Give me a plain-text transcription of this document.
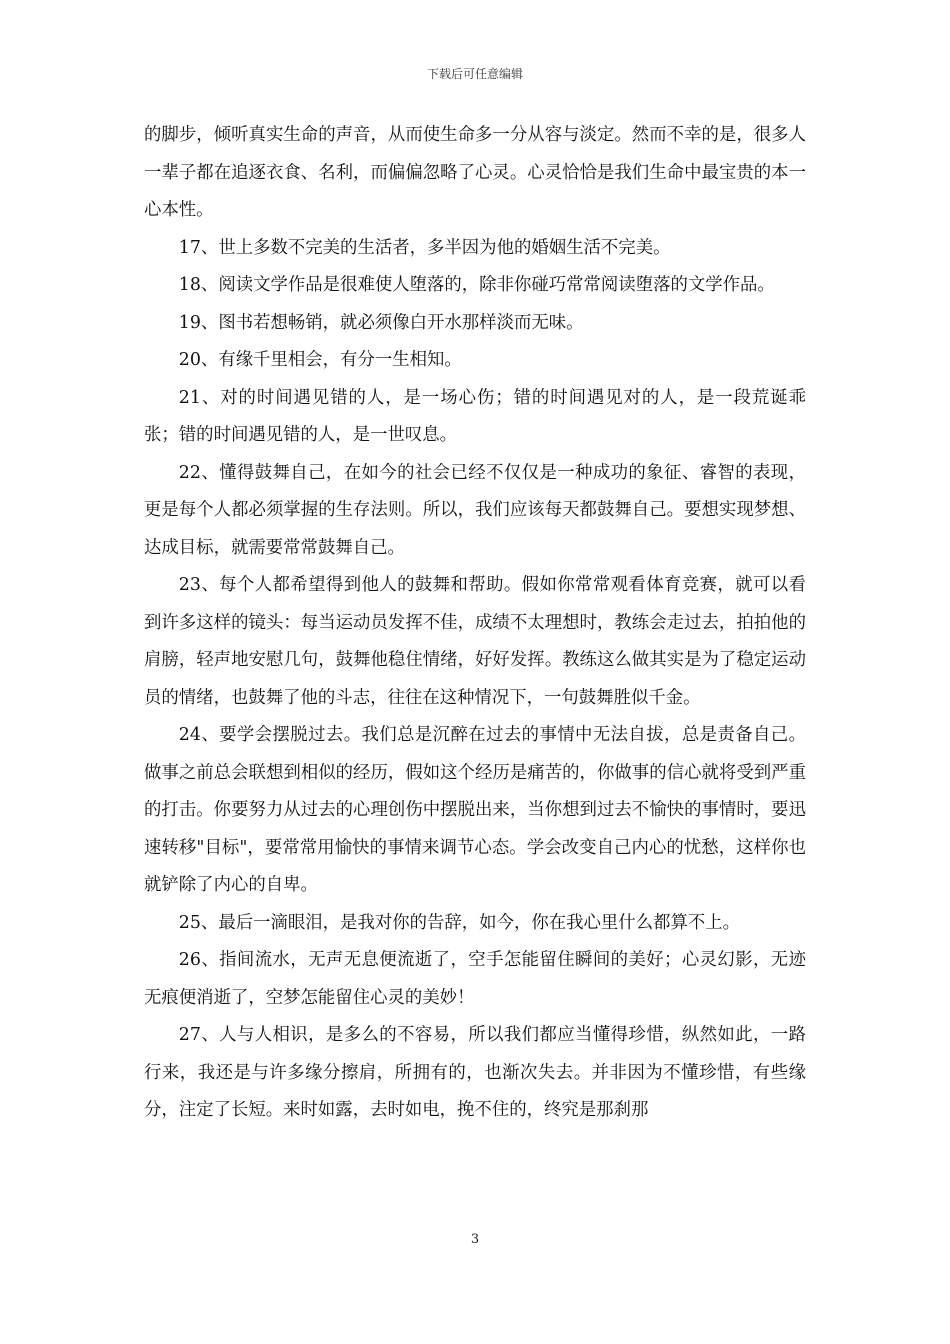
下载后可任意编辑

的脚步，倾听真实生命的声音，从而使生命多一分从容与淡定。然而不幸的是，很多人一辈子都在追逐衣食、名利，而偏偏忽略了心灵。心灵恰恰是我们生命中最宝贵的本一心本性。

17、世上多数不完美的生活者，多半因为他的婚姻生活不完美。

18、阅读文学作品是很难使人堕落的，除非你碰巧常常阅读堕落的文学作品。

19、图书若想畅销，就必须像白开水那样淡而无味。

20、有缘千里相会，有分一生相知。

21、对的时间遇见错的人，是一场心伤；错的时间遇见对的人，是一段荒诞乖张；错的时间遇见错的人，是一世叹息。

22、懂得鼓舞自己，在如今的社会已经不仅仅是一种成功的象征、睿智的表现，更是每个人都必须掌握的生存法则。所以，我们应该每天都鼓舞自己。要想实现梦想、达成目标，就需要常常鼓舞自己。

23、每个人都希望得到他人的鼓舞和帮助。假如你常常观看体育竞赛，就可以看到许多这样的镜头：每当运动员发挥不佳，成绩不太理想时，教练会走过去，拍拍他的肩膀，轻声地安慰几句，鼓舞他稳住情绪，好好发挥。教练这么做其实是为了稳定运动员的情绪，也鼓舞了他的斗志，往往在这种情况下，一句鼓舞胜似千金。

24、要学会摆脱过去。我们总是沉醉在过去的事情中无法自拔，总是责备自己。做事之前总会联想到相似的经历，假如这个经历是痛苦的，你做事的信心就将受到严重的打击。你要努力从过去的心理创伤中摆脱出来，当你想到过去不愉快的事情时，要迅速转移"目标"，要常常用愉快的事情来调节心态。学会改变自己内心的忧愁，这样你也就铲除了内心的自卑。

25、最后一滴眼泪，是我对你的告辞，如今，你在我心里什么都算不上。

26、指间流水，无声无息便流逝了，空手怎能留住瞬间的美好；心灵幻影，无迹无痕便消逝了，空梦怎能留住心灵的美妙！

27、人与人相识，是多么的不容易，所以我们都应当懂得珍惜，纵然如此，一路行来，我还是与许多缘分擦肩，所拥有的，也渐次失去。并非因为不懂珍惜，有些缘分，注定了长短。来时如露，去时如电，挽不住的，终究是那刹那

3
